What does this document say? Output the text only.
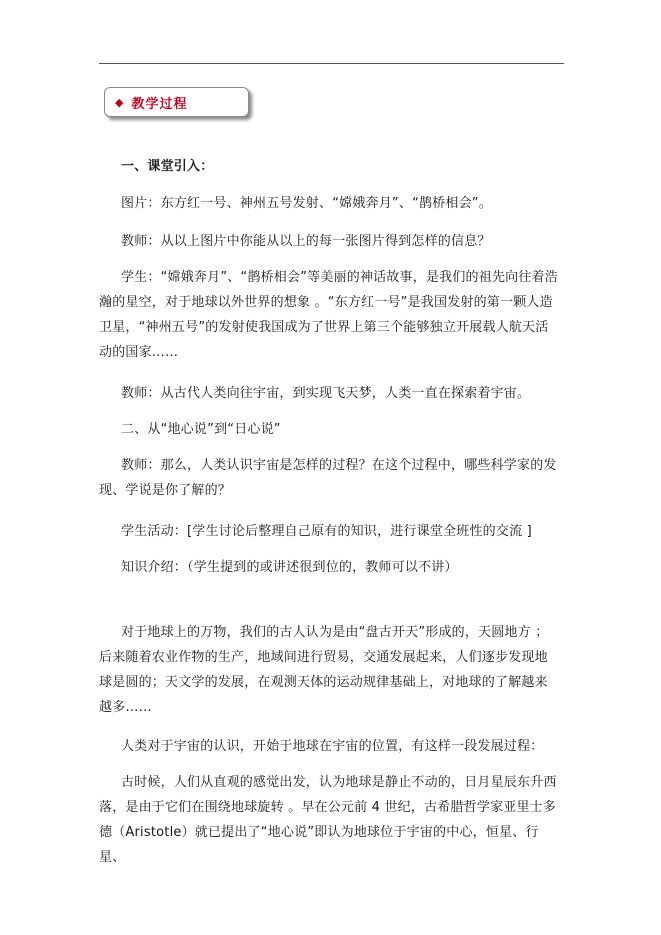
◆ 教学过程

一、课堂引入：

图片：东方红一号、神州五号发射、“嫦娥奔月”、“鹊桥相会”。

教师：从以上图片中你能从以上的每一张图片得到怎样的信息？

学生：“嫦娥奔月”、“鹊桥相会”等美丽的神话故事，是我们的祖先向往着浩瀚的星空，对于地球以外世界的想象 。“东方红一号”是我国发射的第一颗人造卫星，“神州五号”的发射使我国成为了世界上第三个能够独立开展载人航天活动的国家……

教师：从古代人类向往宇宙，到实现飞天梦，人类一直在探索着宇宙。

二、从“地心说”到“日心说”

教师：那么，人类认识宇宙是怎样的过程？在这个过程中，哪些科学家的发现、学说是你了解的？

学生活动：[学生讨论后整理自己原有的知识，进行课堂全班性的交流 ]

知识介绍：（学生提到的或讲述很到位的，教师可以不讲）

对于地球上的万物，我们的古人认为是由“盘古开天”形成的，天圆地方 ；后来随着农业作物的生产，地域间进行贸易，交通发展起来，人们逐步发现地球是圆的；天文学的发展，在观测天体的运动规律基础上，对地球的了解越来越多……

人类对于宇宙的认识，开始于地球在宇宙的位置，有这样一段发展过程：

古时候，人们从直观的感觉出发，认为地球是静止不动的，日月星辰东升西落，是由于它们在围绕地球旋转 。早在公元前 4 世纪，古希腊哲学家亚里士多德（Aristotle）就已提出了“地心说”即认为地球位于宇宙的中心，恒星、行星、
